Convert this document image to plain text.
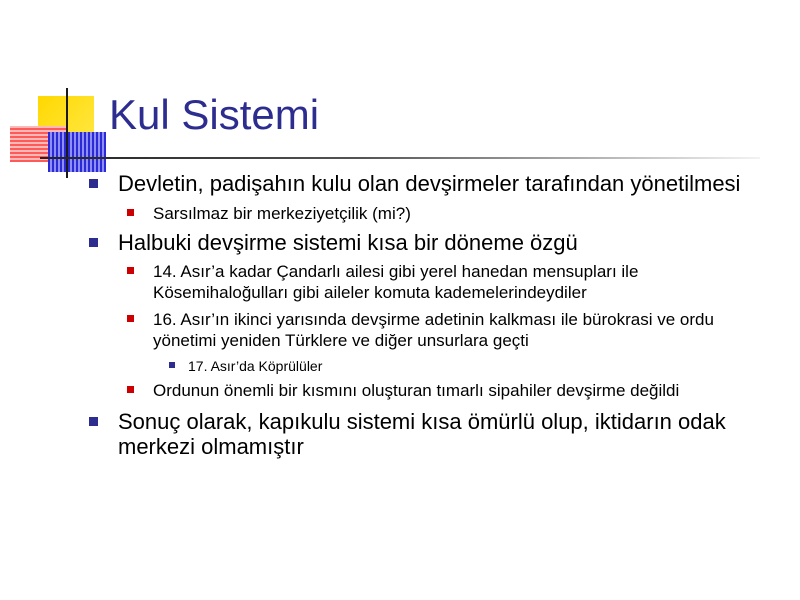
Kul Sistemi
Devletin, padişahın kulu olan devşirmeler tarafından yönetilmesi
Sarsılmaz bir merkeziyetçilik (mi?)
Halbuki devşirme sistemi kısa bir döneme özgü
14. Asır’a kadar Çandarlı ailesi gibi yerel hanedan mensupları ile Kösemihaloğulları gibi aileler komuta kademelerindeydiler
16. Asır’ın ikinci yarısında devşirme adetinin kalkması ile bürokrasi ve ordu yönetimi yeniden Türklere ve diğer unsurlara geçti
17. Asır’da Köprülüler
Ordunun önemli bir kısmını oluşturan tımarlı sipahiler devşirme değildi
Sonuç olarak, kapıkulu sistemi kısa ömürlü olup, iktidarın odak merkezi olmamıştır
